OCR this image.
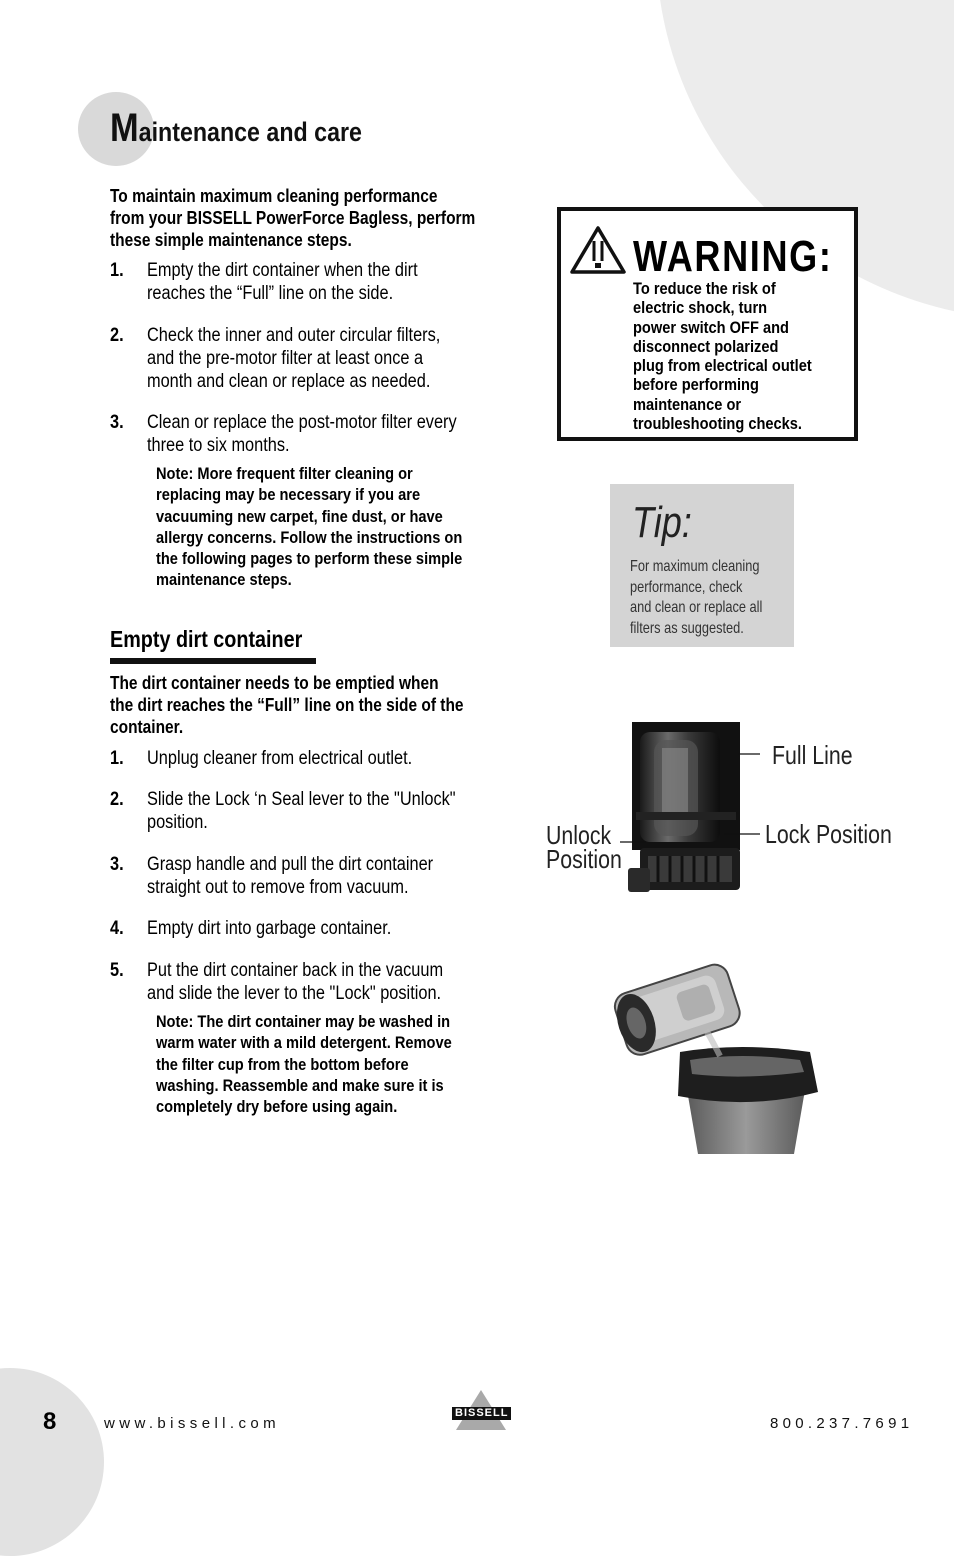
Maintenance and care
To maintain maximum cleaning performance
from your BISSELL PowerForce Bagless, perform
these simple maintenance steps.
1.	Empty the dirt container when the dirt
reaches the “Full” line on the side.
2.	Check the inner and outer circular filters,
and the pre-motor filter at least once a
month and clean or replace as needed.
3.	Clean or replace the post-motor filter every
three to six months.
Note: More frequent filter cleaning or
replacing may be necessary if you are
vacuuming new carpet, fine dust, or have
allergy concerns. Follow the instructions on
the following pages to perform these simple
maintenance steps.
Empty dirt container
The dirt container needs to be emptied when
the dirt reaches the “Full” line on the side of the
container.
1.	Unplug cleaner from electrical outlet.
2.	Slide the Lock ‘n Seal lever to the "Unlock"
position.
3.	Grasp handle and pull the dirt container
straight out to remove from vacuum.
4.	Empty dirt into garbage container.
5.	Put the dirt container back in the vacuum
and slide the lever to the "Lock" position.
Note: The dirt container may be washed in
warm water with a mild detergent. Remove
the filter cup from the bottom before
washing. Reassemble and make sure it is
completely dry before using again.
WARNING:
To reduce the risk of
electric shock, turn
power switch OFF and
disconnect polarized
plug from electrical outlet
before performing
maintenance or
troubleshooting checks.
Tip:
For maximum cleaning
performance, check
and clean or replace all
filters as suggested.
Full Line
Lock Position
Unlock
Position
8	www.bissell.com
BISSELL
800.237.7691
